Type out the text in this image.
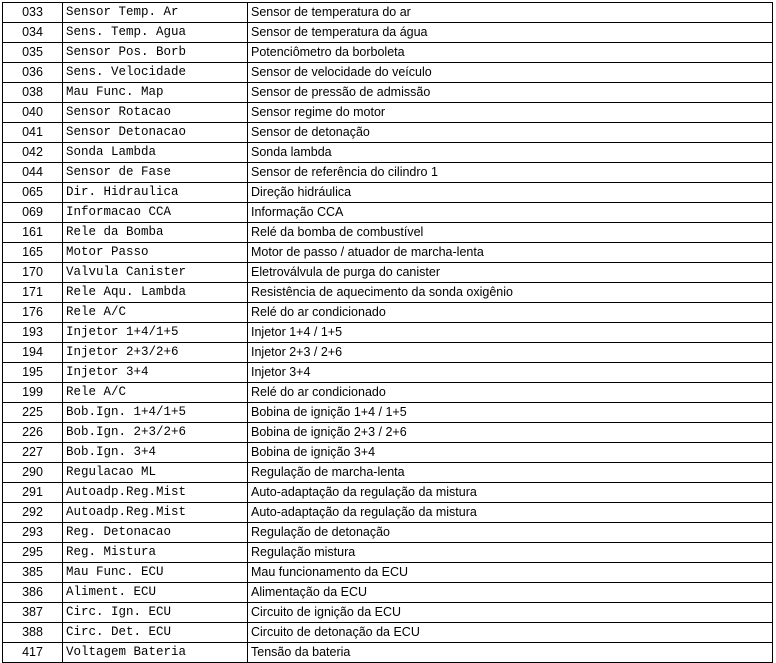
033	Sensor Temp. Ar	Sensor de temperatura do ar
034	Sens. Temp. Agua	Sensor de temperatura da água
035	Sensor Pos. Borb	Potenciômetro da borboleta
036	Sens. Velocidade	Sensor de velocidade do veículo
038	Mau Func. Map	Sensor de pressão de admissão
040	Sensor Rotacao	Sensor regime do motor
041	Sensor Detonacao	Sensor de detonação
042	Sonda Lambda	Sonda lambda
044	Sensor de Fase	Sensor de referência do cilindro 1
065	Dir. Hidraulica	Direção hidráulica
069	Informacao CCA	Informação CCA
161	Rele da Bomba	Relé da bomba de combustível
165	Motor Passo	Motor de passo / atuador de marcha-lenta
170	Valvula Canister	Eletroválvula de purga do canister
171	Rele Aqu. Lambda	Resistência de aquecimento da sonda oxigênio
176	Rele A/C	Relé do ar condicionado
193	Injetor 1+4/1+5	Injetor 1+4 / 1+5
194	Injetor 2+3/2+6	Injetor 2+3 / 2+6
195	Injetor 3+4	Injetor 3+4
199	Rele A/C	Relé do ar condicionado
225	Bob.Ign. 1+4/1+5	Bobina de ignição 1+4 / 1+5
226	Bob.Ign. 2+3/2+6	Bobina de ignição 2+3 / 2+6
227	Bob.Ign. 3+4	Bobina de ignição 3+4
290	Regulacao ML	Regulação de marcha-lenta
291	Autoadp.Reg.Mist	Auto-adaptação da regulação da mistura
292	Autoadp.Reg.Mist	Auto-adaptação da regulação da mistura
293	Reg. Detonacao	Regulação de detonação
295	Reg. Mistura	Regulação mistura
385	Mau Func. ECU	Mau funcionamento da ECU
386	Aliment. ECU	Alimentação da ECU
387	Circ. Ign. ECU	Circuito de ignição da ECU
388	Circ. Det. ECU	Circuito de detonação da ECU
417	Voltagem Bateria	Tensão da bateria
